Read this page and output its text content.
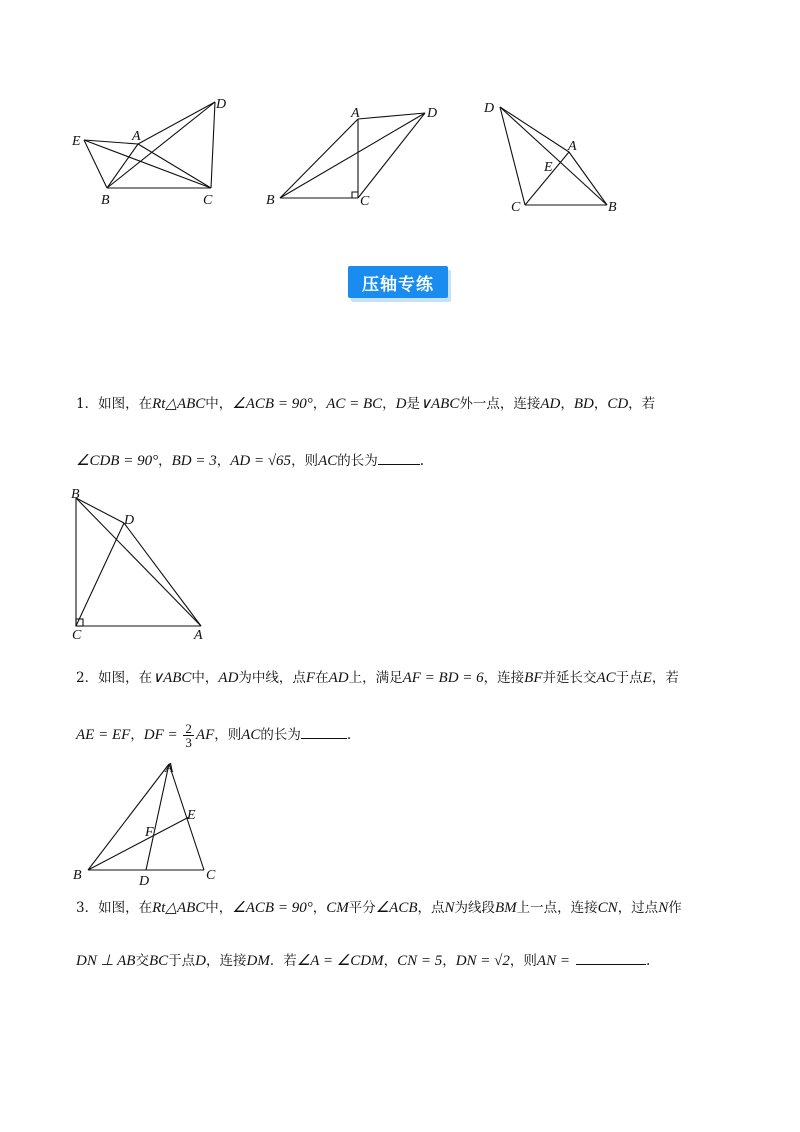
E	A
D
B	C
A	D
B	C
D
A
E
C	B
压轴专练
1．如图，在Rt△ABC中，∠ACB = 90°，AC = BC，D是∨ABC外一点，连接AD，BD，CD，若
∠CDB = 90°，BD = 3，AD = √65，则AC的长为	.
B
D
C	A
2．如图，在∨ABC中，AD为中线，点F在AD上，满足AF = BD = 6，连接BF并延长交AC于点E，若
AE = EF，DF = $\frac{2}{3}$ AF，则AC的长为	.
A
E
F
B	D	C
3．如图，在Rt△ABC中，∠ACB = 90°，CM平分∠ACB，点N为线段BM上一点，连接CN，过点N作
DN ⊥ AB交BC于点D，连接DM．若∠A = ∠CDM，CN = 5，DN = √2，则AN =	.
